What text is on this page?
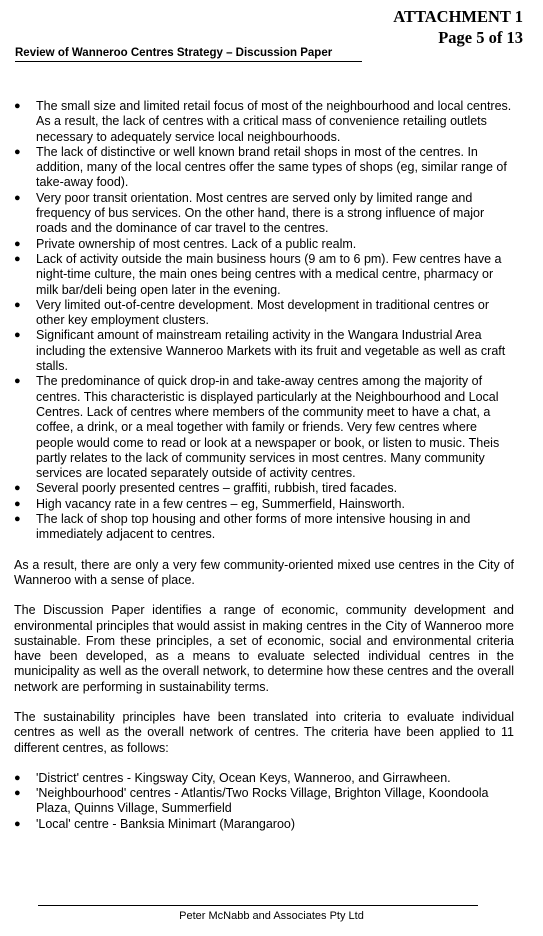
ATTACHMENT 1
Page 5 of 13
Review of Wanneroo Centres Strategy – Discussion Paper
● The small size and limited retail focus of most of the neighbourhood and local centres. As a result, the lack of centres with a critical mass of convenience retailing outlets necessary to adequately service local neighbourhoods.
● The lack of distinctive or well known brand retail shops in most of the centres. In addition, many of the local centres offer the same types of shops (eg, similar range of take-away food).
● Very poor transit orientation. Most centres are served only by limited range and frequency of bus services. On the other hand, there is a strong influence of major roads and the dominance of car travel to the centres.
● Private ownership of most centres. Lack of a public realm.
● Lack of activity outside the main business hours (9 am to 6 pm). Few centres have a night-time culture, the main ones being centres with a medical centre, pharmacy or milk bar/deli being open later in the evening.
● Very limited out-of-centre development. Most development in traditional centres or other key employment clusters.
● Significant amount of mainstream retailing activity in the Wangara Industrial Area including the extensive Wanneroo Markets with its fruit and vegetable as well as craft stalls.
● The predominance of quick drop-in and take-away centres among the majority of centres. This characteristic is displayed particularly at the Neighbourhood and Local Centres. Lack of centres where members of the community meet to have a chat, a coffee, a drink, or a meal together with family or friends. Very few centres where people would come to read or look at a newspaper or book, or listen to music. Theis partly relates to the lack of community services in most centres. Many community services are located separately outside of activity centres.
● Several poorly presented centres – graffiti, rubbish, tired facades.
● High vacancy rate in a few centres – eg, Summerfield, Hainsworth.
● The lack of shop top housing and other forms of more intensive housing in and immediately adjacent to centres.

As a result, there are only a very few community-oriented mixed use centres in the City of Wanneroo with a sense of place.

The Discussion Paper identifies a range of economic, community development and environmental principles that would assist in making centres in the City of Wanneroo more sustainable. From these principles, a set of economic, social and environmental criteria have been developed, as a means to evaluate selected individual centres in the municipality as well as the overall network, to determine how these centres and the overall network are performing in sustainability terms.

The sustainability principles have been translated into criteria to evaluate individual centres as well as the overall network of centres. The criteria have been applied to 11 different centres, as follows:

● 'District' centres - Kingsway City, Ocean Keys, Wanneroo, and Girrawheen.
● 'Neighbourhood' centres - Atlantis/Two Rocks Village, Brighton Village, Koondoola Plaza, Quinns Village, Summerfield
● 'Local' centre - Banksia Minimart (Marangaroo)
Peter McNabb and Associates Pty Ltd
